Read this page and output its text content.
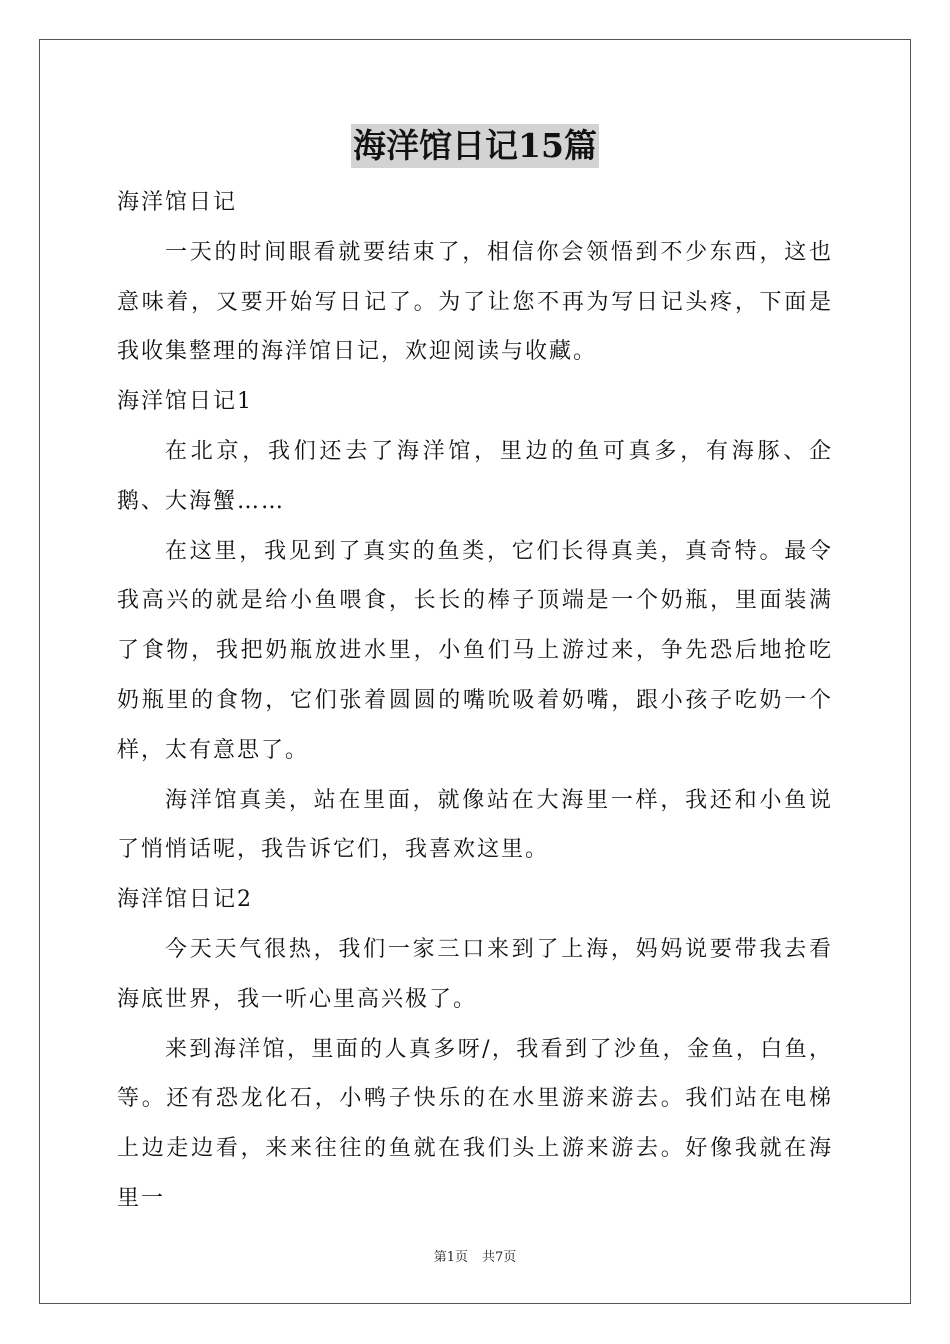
海洋馆日记15篇

海洋馆日记

一天的时间眼看就要结束了，相信你会领悟到不少东西，这也意味着，又要开始写日记了。为了让您不再为写日记头疼，下面是我收集整理的海洋馆日记，欢迎阅读与收藏。

海洋馆日记1

在北京，我们还去了海洋馆，里边的鱼可真多，有海豚、企鹅、大海蟹……

在这里，我见到了真实的鱼类，它们长得真美，真奇特。最令我高兴的就是给小鱼喂食，长长的棒子顶端是一个奶瓶，里面装满了食物，我把奶瓶放进水里，小鱼们马上游过来，争先恐后地抢吃奶瓶里的食物，它们张着圆圆的嘴吮吸着奶嘴，跟小孩子吃奶一个样，太有意思了。

海洋馆真美，站在里面，就像站在大海里一样，我还和小鱼说了悄悄话呢，我告诉它们，我喜欢这里。

海洋馆日记2

今天天气很热，我们一家三口来到了上海，妈妈说要带我去看海底世界，我一听心里高兴极了。

来到海洋馆，里面的人真多呀/，我看到了沙鱼，金鱼，白鱼，等。还有恐龙化石，小鸭子快乐的在水里游来游去。我们站在电梯上边走边看，来来往往的鱼就在我们头上游来游去。好像我就在海里一

第1页 共7页
